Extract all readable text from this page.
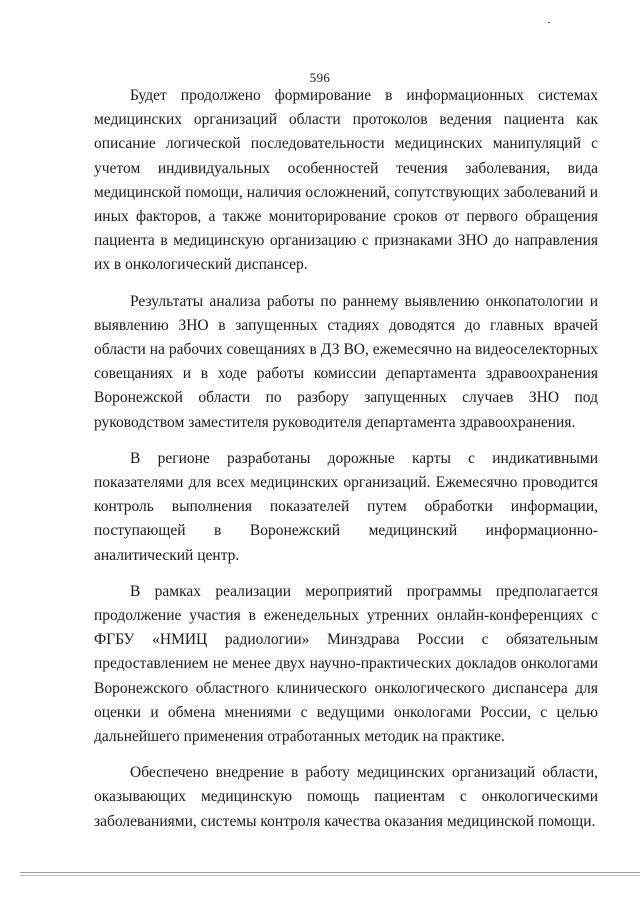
596

Будет продолжено формирование в информационных системах медицинских организаций области протоколов ведения пациента как описание логической последовательности медицинских манипуляций с учетом индивидуальных особенностей течения заболевания, вида медицинской помощи, наличия осложнений, сопутствующих заболеваний и иных факторов, а также мониторирование сроков от первого обращения пациента в медицинскую организацию с признаками ЗНО до направления их в онкологический диспансер.

Результаты анализа работы по раннему выявлению онкопатологии и выявлению ЗНО в запущенных стадиях доводятся до главных врачей области на рабочих совещаниях в ДЗ ВО, ежемесячно на видеоселекторных совещаниях и в ходе работы комиссии департамента здравоохранения Воронежской области по разбору запущенных случаев ЗНО под руководством заместителя руководителя департамента здравоохранения.

В регионе разработаны дорожные карты с индикативными показателями для всех медицинских организаций. Ежемесячно проводится контроль выполнения показателей путем обработки информации, поступающей в Воронежский медицинский информационно-аналитический центр.

В рамках реализации мероприятий программы предполагается продолжение участия в еженедельных утренних онлайн-конференциях с ФГБУ «НМИЦ радиологии» Минздрава России с обязательным предоставлением не менее двух научно-практических докладов онкологами Воронежского областного клинического онкологического диспансера для оценки и обмена мнениями с ведущими онкологами России, с целью дальнейшего применения отработанных методик на практике.

Обеспечено внедрение в работу медицинских организаций области, оказывающих медицинскую помощь пациентам с онкологическими заболеваниями, системы контроля качества оказания медицинской помощи.
